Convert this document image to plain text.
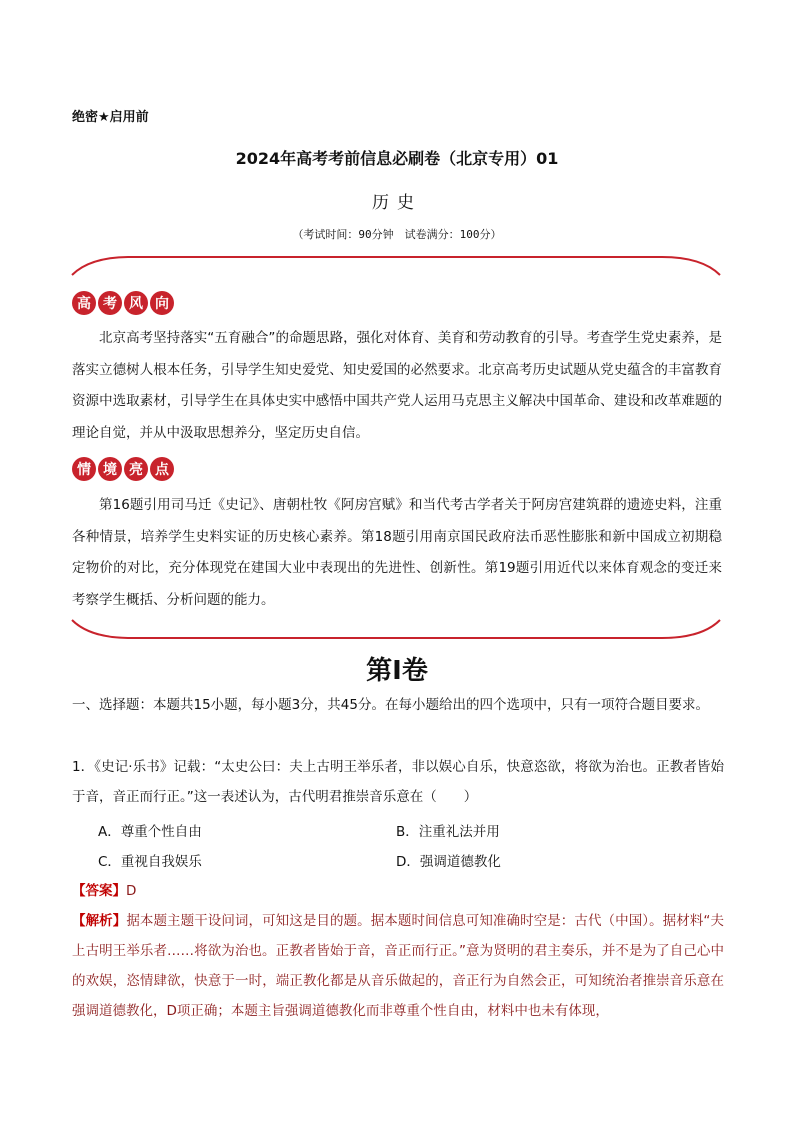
绝密★启用前
2024年高考考前信息必刷卷（北京专用）01
历史
（考试时间：90分钟　试卷满分：100分）
高 考 风 向
北京高考坚持落实“五育融合”的命题思路，强化对体育、美育和劳动教育的引导。考查学生党史素养，是落实立德树人根本任务，引导学生知史爱党、知史爱国的必然要求。北京高考历史试题从党史蕴含的丰富教育资源中选取素材，引导学生在具体史实中感悟中国共产党人运用马克思主义解决中国革命、建设和改革难题的理论自觉，并从中汲取思想养分，坚定历史自信。
情 境 亮 点
第16题引用司马迁《史记》、唐朝杜牧《阿房宫赋》和当代考古学者关于阿房宫建筑群的遗迹史料，注重各种情景，培养学生史料实证的历史核心素养。第18题引用南京国民政府法币恶性膨胀和新中国成立初期稳定物价的对比，充分体现党在建国大业中表现出的先进性、创新性。第19题引用近代以来体育观念的变迁来考察学生概括、分析问题的能力。
第I卷
一、选择题：本题共15小题，每小题3分，共45分。在每小题给出的四个选项中，只有一项符合题目要求。
1．《史记·乐书》记载：“太史公曰：夫上古明王举乐者，非以娱心自乐，快意恣欲，将欲为治也。正教者皆始于音，音正而行正。”这一表述认为，古代明君推崇音乐意在（　　）
A．尊重个性自由	B．注重礼法并用
C．重视自我娱乐	D．强调道德教化
【答案】D
【解析】据本题主题干设问词，可知这是目的题。据本题时间信息可知准确时空是：古代（中国）。据材料“夫上古明王举乐者……将欲为治也。正教者皆始于音，音正而行正。”意为贤明的君主奏乐，并不是为了自己心中的欢娱，恣情肆欲，快意于一时，端正教化都是从音乐做起的，音正行为自然会正，可知统治者推崇音乐意在强调道德教化，D项正确；本题主旨强调道德教化而非尊重个性自由，材料中也未有体现，
